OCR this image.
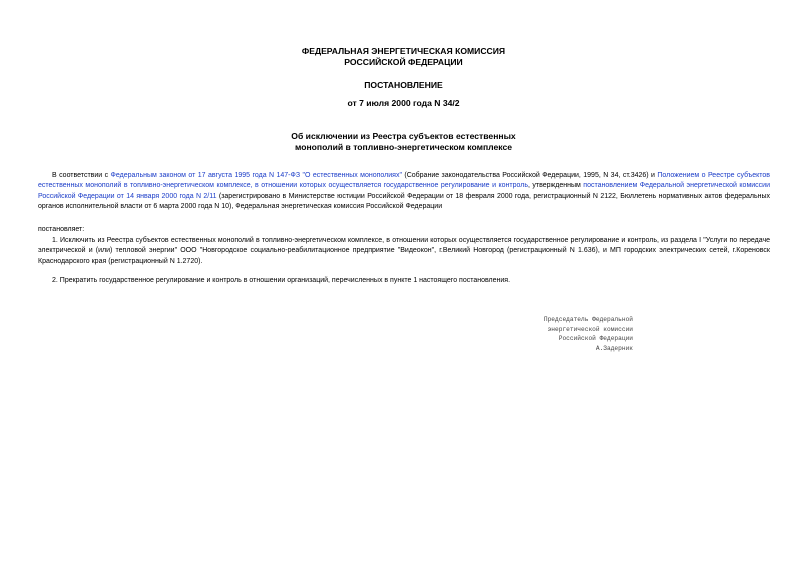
ФЕДЕРАЛЬНАЯ ЭНЕРГЕТИЧЕСКАЯ КОМИССИЯ
РОССИЙСКОЙ ФЕДЕРАЦИИ
ПОСТАНОВЛЕНИЕ
от 7 июля 2000 года N 34/2
Об исключении из Реестра субъектов естественных
монополий в топливно-энергетическом комплексе
В соответствии с Федеральным законом от 17 августа 1995 года N 147-ФЗ "О естественных монополиях" (Собрание законодательства Российской Федерации, 1995, N 34, ст.3426) и Положением о Реестре субъектов естественных монополий в топливно-энергетическом комплексе, в отношении которых осуществляется государственное регулирование и контроль, утвержденным постановлением Федеральной энергетической комиссии Российской Федерации от 14 января 2000 года N 2/11 (зарегистрировано в Министерстве юстиции Российской Федерации от 18 февраля 2000 года, регистрационный N 2122, Бюллетень нормативных актов федеральных органов исполнительной власти от 6 марта 2000 года N 10), Федеральная энергетическая комиссия Российской Федерации
постановляет:
1. Исключить из Реестра субъектов естественных монополий в топливно-энергетическом комплексе, в отношении которых осуществляется государственное регулирование и контроль, из раздела I "Услуги по передаче электрической и (или) тепловой энергии" ООО "Новгородское социально-реабилитационное предприятие "Видеокон", г.Великий Новгород (регистрационный N 1.636), и МП городских электрических сетей, г.Кореновск Краснодарского края (регистрационный N 1.2720).
2. Прекратить государственное регулирование и контроль в отношении организаций, перечисленных в пункте 1 настоящего постановления.
Председатель Федеральной
энергетической комиссии
Российской Федерации
А.Задерник
